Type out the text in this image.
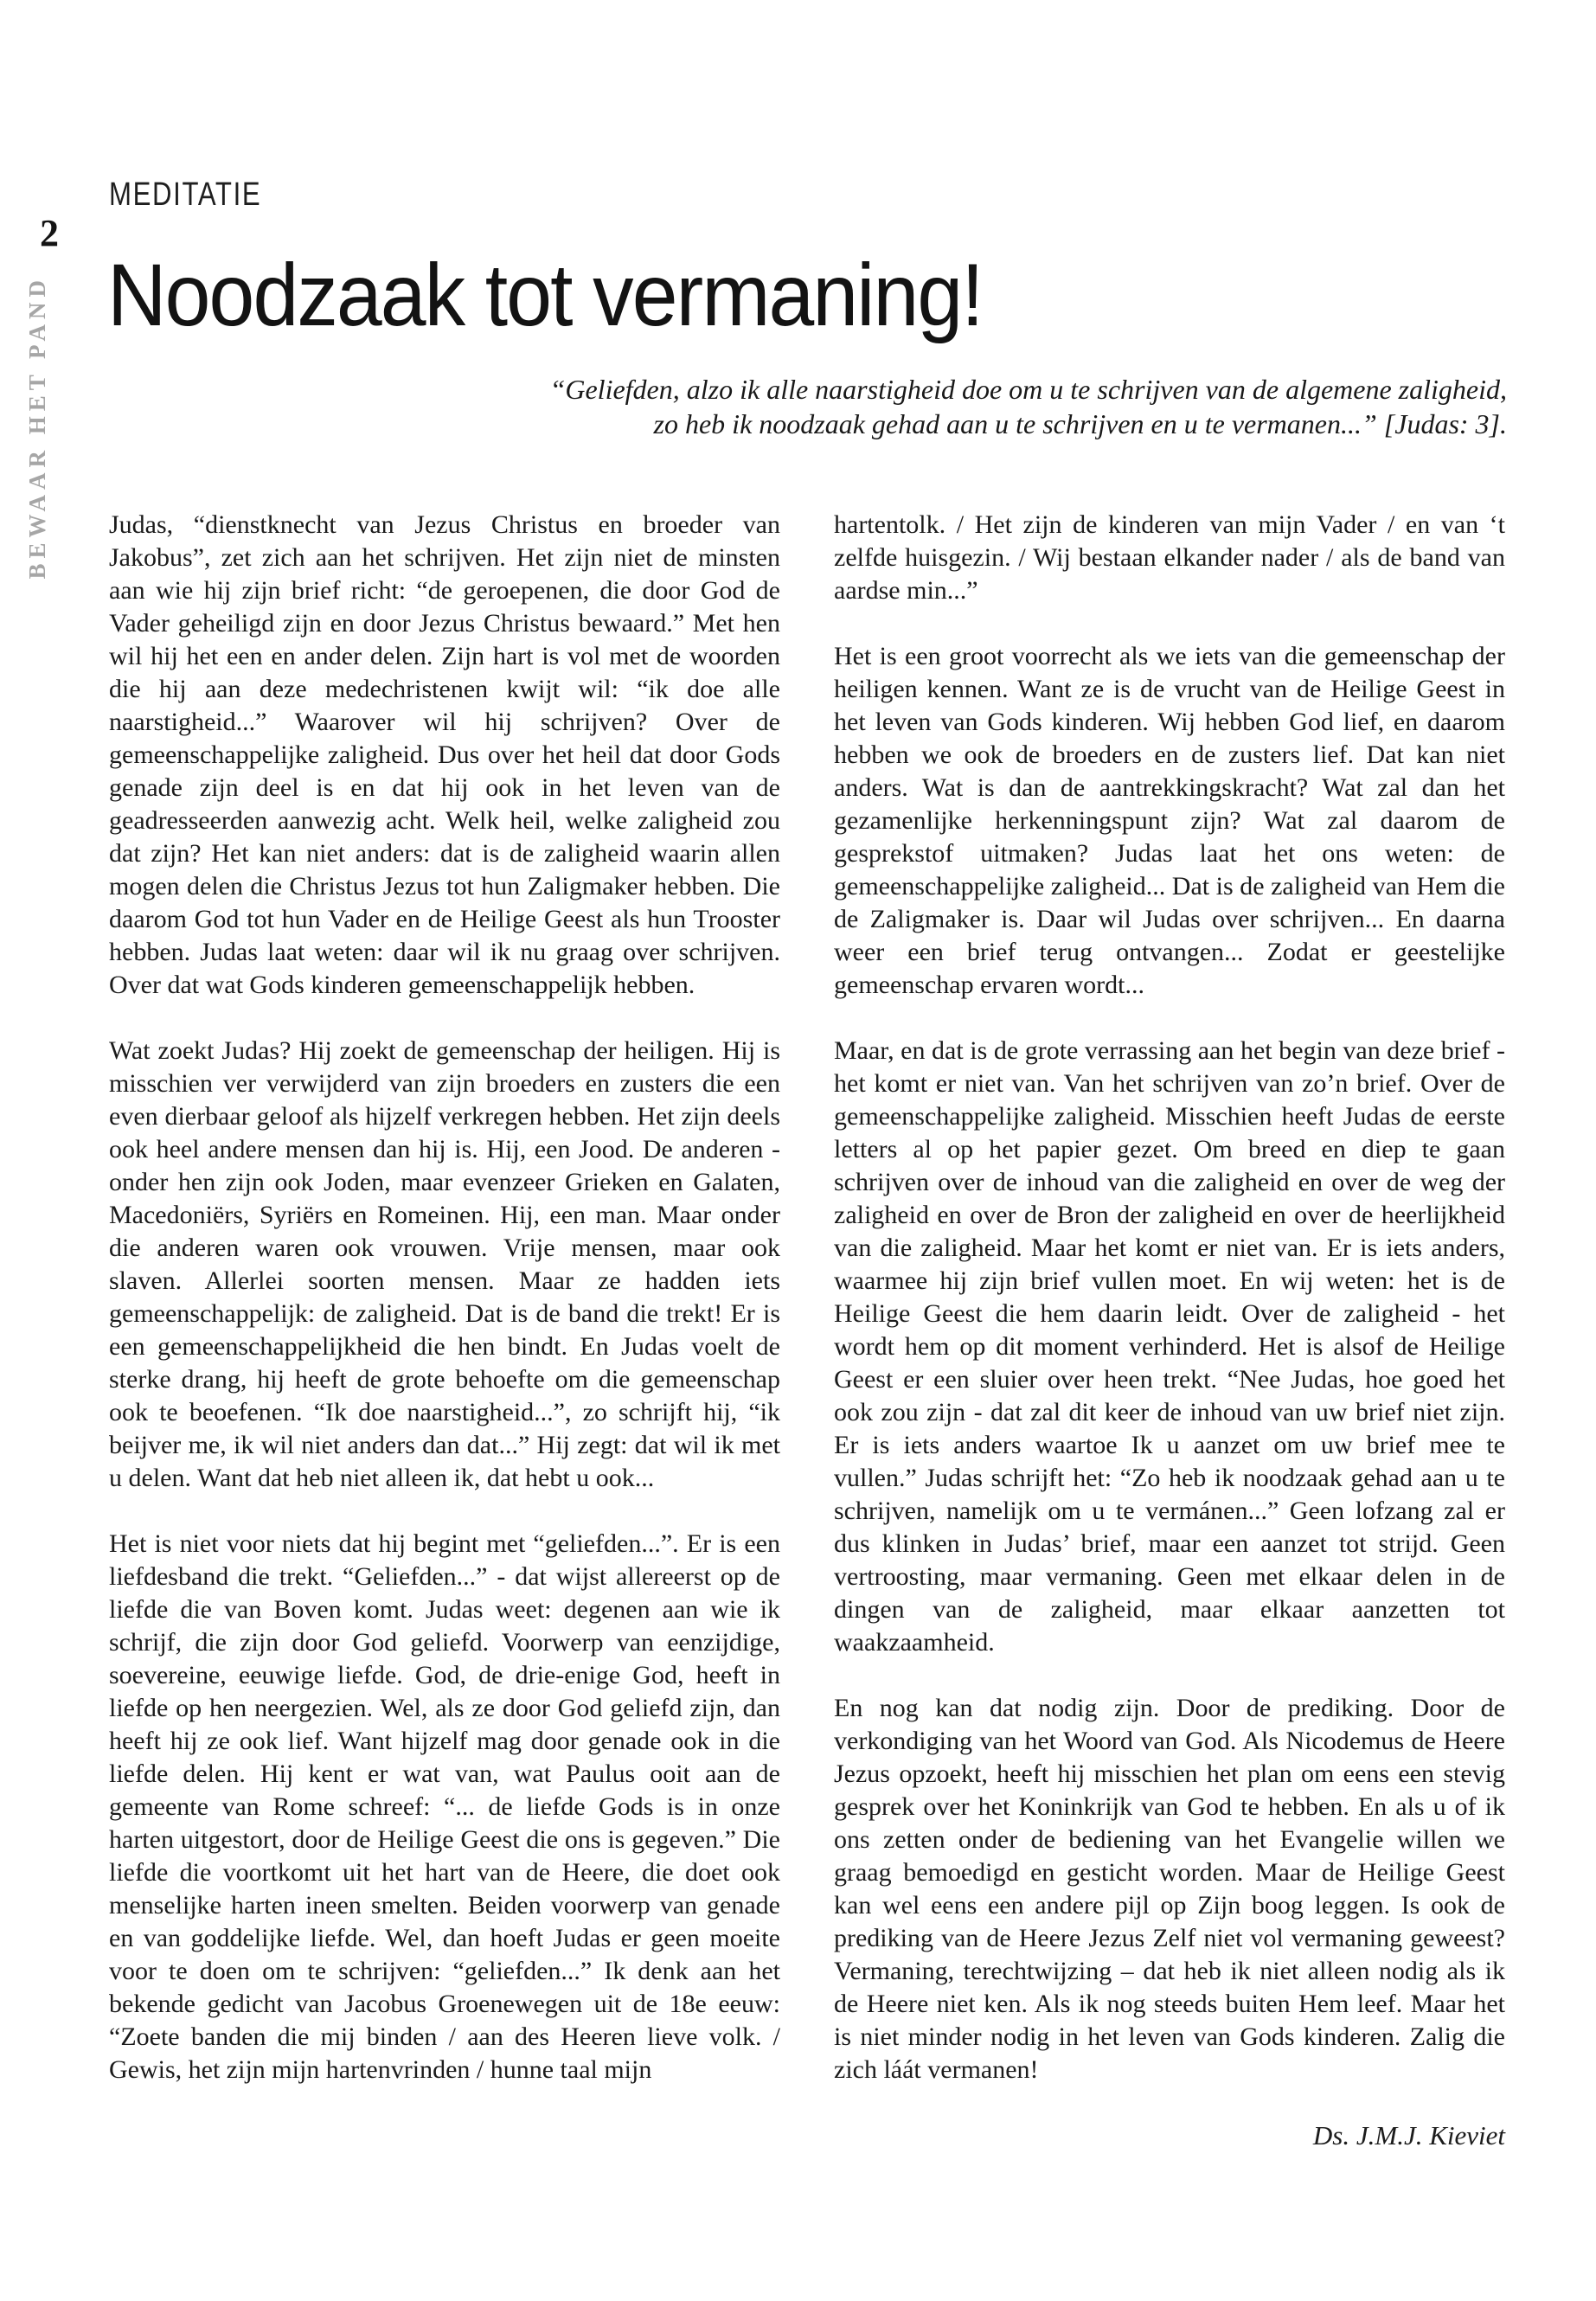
2
BEWAAR HET PAND
MEDITATIE
Noodzaak tot vermaning!
“Geliefden, alzo ik alle naarstigheid doe om u te schrijven van de algemene zaligheid,
zo heb ik noodzaak gehad aan u te schrijven en u te vermanen...” [Judas: 3].

Judas, “dienstknecht van Jezus Christus en broeder van Jakobus”, zet zich aan het schrijven. Het zijn niet de minsten aan wie hij zijn brief richt: “de geroepenen, die door God de Vader geheiligd zijn en door Jezus Christus bewaard.” Met hen wil hij het een en ander delen. Zijn hart is vol met de woorden die hij aan deze medechristenen kwijt wil: “ik doe alle naarstigheid...” Waarover wil hij schrijven? Over de gemeenschappelijke zaligheid. Dus over het heil dat door Gods genade zijn deel is en dat hij ook in het leven van de geadresseerden aanwezig acht. Welk heil, welke zaligheid zou dat zijn? Het kan niet anders: dat is de zaligheid waarin allen mogen delen die Christus Jezus tot hun Zaligmaker hebben. Die daarom God tot hun Vader en de Heilige Geest als hun Trooster hebben. Judas laat weten: daar wil ik nu graag over schrijven. Over dat wat Gods kinderen gemeenschappelijk hebben.

Wat zoekt Judas? Hij zoekt de gemeenschap der heiligen. Hij is misschien ver verwijderd van zijn broeders en zusters die een even dierbaar geloof als hijzelf verkregen hebben. Het zijn deels ook heel andere mensen dan hij is. Hij, een Jood. De anderen - onder hen zijn ook Joden, maar evenzeer Grieken en Galaten, Macedoniërs, Syriërs en Romeinen. Hij, een man. Maar onder die anderen waren ook vrouwen. Vrije mensen, maar ook slaven. Allerlei soorten mensen. Maar ze hadden iets gemeenschappelijk: de zaligheid. Dat is de band die trekt! Er is een gemeenschappelijkheid die hen bindt. En Judas voelt de sterke drang, hij heeft de grote behoefte om die gemeenschap ook te beoefenen. “Ik doe naarstigheid...”, zo schrijft hij, “ik beijver me, ik wil niet anders dan dat...” Hij zegt: dat wil ik met u delen. Want dat heb niet alleen ik, dat hebt u ook...

Het is niet voor niets dat hij begint met “geliefden...”. Er is een liefdesband die trekt. “Geliefden...” - dat wijst allereerst op de liefde die van Boven komt. Judas weet: degenen aan wie ik schrijf, die zijn door God geliefd. Voorwerp van eenzijdige, soevereine, eeuwige liefde. God, de drie-enige God, heeft in liefde op hen neergezien. Wel, als ze door God geliefd zijn, dan heeft hij ze ook lief. Want hijzelf mag door genade ook in die liefde delen. Hij kent er wat van, wat Paulus ooit aan de gemeente van Rome schreef: “... de liefde Gods is in onze harten uitgestort, door de Heilige Geest die ons is gegeven.” Die liefde die voortkomt uit het hart van de Heere, die doet ook menselijke harten ineen smelten. Beiden voorwerp van genade en van goddelijke liefde. Wel, dan hoeft Judas er geen moeite voor te doen om te schrijven: “geliefden...” Ik denk aan het bekende gedicht van Jacobus Groenewegen uit de 18e eeuw: “Zoete banden die mij binden / aan des Heeren lieve volk. / Gewis, het zijn mijn hartenvrinden / hunne taal mijn

hartentolk. / Het zijn de kinderen van mijn Vader / en van ‘t zelfde huisgezin. / Wij bestaan elkander nader / als de band van aardse min...”

Het is een groot voorrecht als we iets van die gemeenschap der heiligen kennen. Want ze is de vrucht van de Heilige Geest in het leven van Gods kinderen. Wij hebben God lief, en daarom hebben we ook de broeders en de zusters lief. Dat kan niet anders. Wat is dan de aantrekkingskracht? Wat zal dan het gezamenlijke herkenningspunt zijn? Wat zal daarom de gesprekstof uitmaken? Judas laat het ons weten: de gemeenschappelijke zaligheid... Dat is de zaligheid van Hem die de Zaligmaker is. Daar wil Judas over schrijven... En daarna weer een brief terug ontvangen... Zodat er geestelijke gemeenschap ervaren wordt...

Maar, en dat is de grote verrassing aan het begin van deze brief - het komt er niet van. Van het schrijven van zo’n brief. Over de gemeenschappelijke zaligheid. Misschien heeft Judas de eerste letters al op het papier gezet. Om breed en diep te gaan schrijven over de inhoud van die zaligheid en over de weg der zaligheid en over de Bron der zaligheid en over de heerlijkheid van die zaligheid. Maar het komt er niet van. Er is iets anders, waarmee hij zijn brief vullen moet. En wij weten: het is de Heilige Geest die hem daarin leidt. Over de zaligheid - het wordt hem op dit moment verhinderd. Het is alsof de Heilige Geest er een sluier over heen trekt. “Nee Judas, hoe goed het ook zou zijn - dat zal dit keer de inhoud van uw brief niet zijn. Er is iets anders waartoe Ik u aanzet om uw brief mee te vullen.” Judas schrijft het: “Zo heb ik noodzaak gehad aan u te schrijven, namelijk om u te vermánen...” Geen lofzang zal er dus klinken in Judas’ brief, maar een aanzet tot strijd. Geen vertroosting, maar vermaning. Geen met elkaar delen in de dingen van de zaligheid, maar elkaar aanzetten tot waakzaamheid.

En nog kan dat nodig zijn. Door de prediking. Door de verkondiging van het Woord van God. Als Nicodemus de Heere Jezus opzoekt, heeft hij misschien het plan om eens een stevig gesprek over het Koninkrijk van God te hebben. En als u of ik ons zetten onder de bediening van het Evangelie willen we graag bemoedigd en gesticht worden. Maar de Heilige Geest kan wel eens een andere pijl op Zijn boog leggen. Is ook de prediking van de Heere Jezus Zelf niet vol vermaning geweest? Vermaning, terechtwijzing – dat heb ik niet alleen nodig als ik de Heere niet ken. Als ik nog steeds buiten Hem leef. Maar het is niet minder nodig in het leven van Gods kinderen. Zalig die zich láát vermanen!

Ds. J.M.J. Kieviet
